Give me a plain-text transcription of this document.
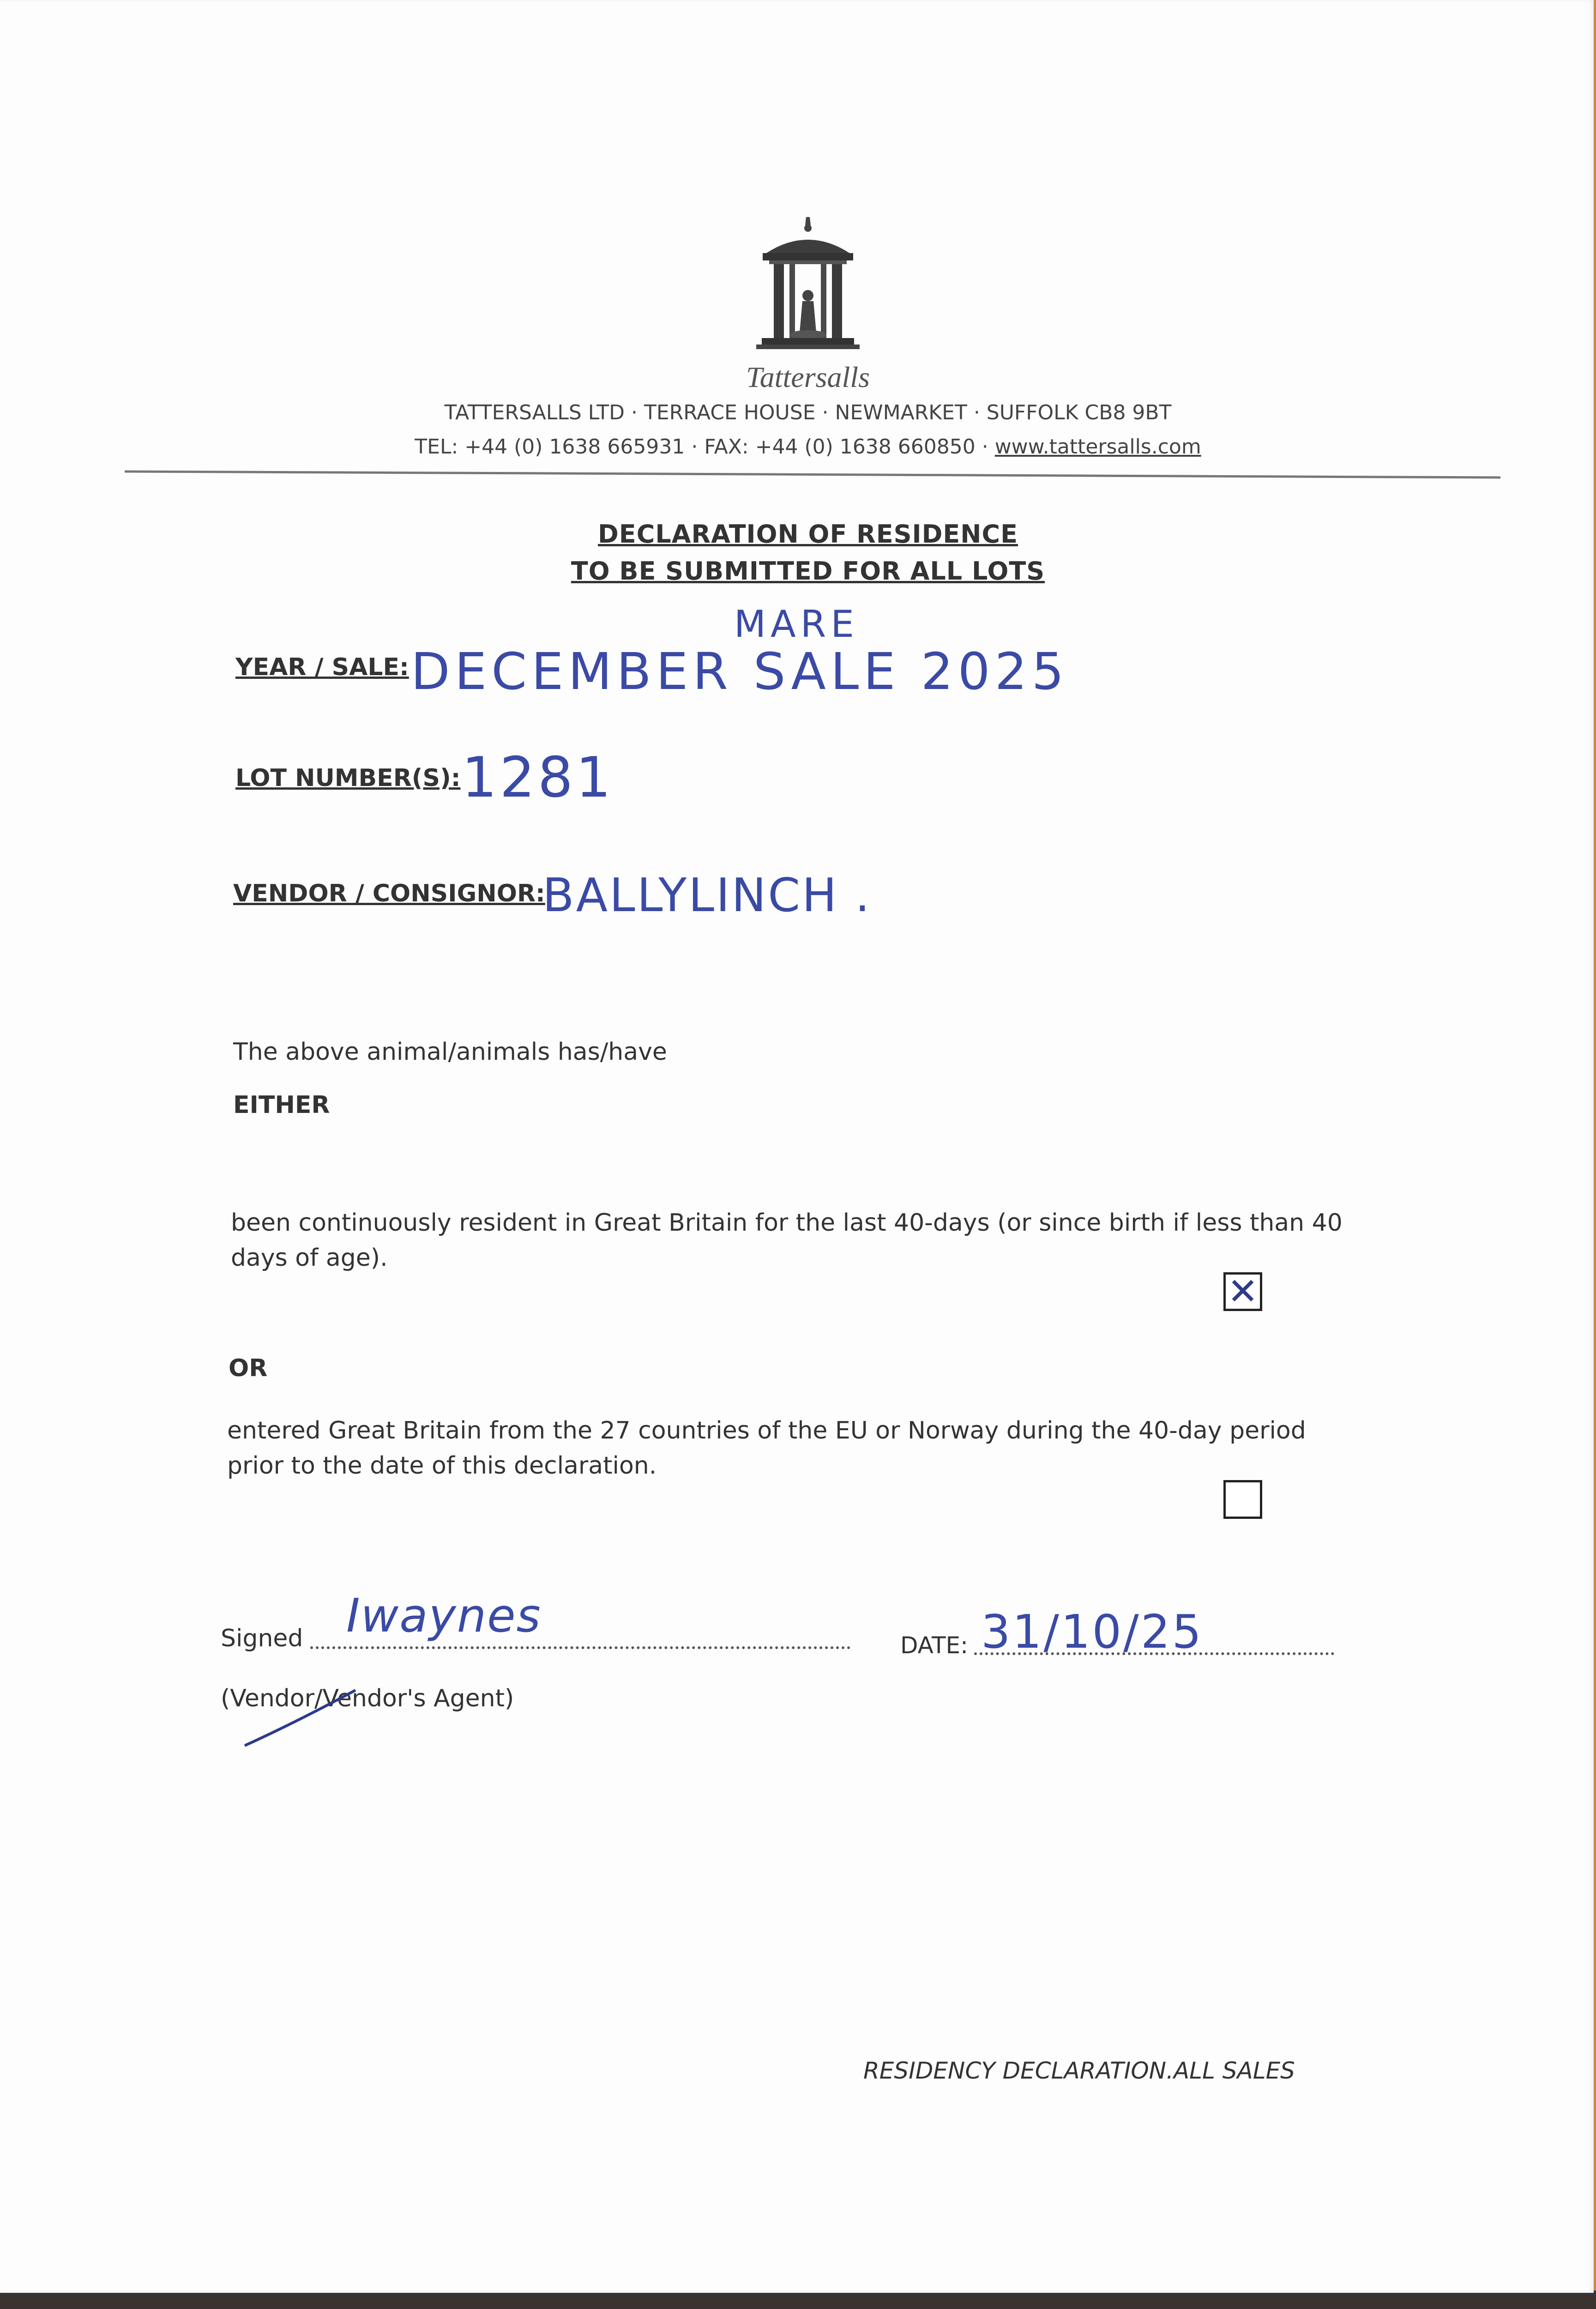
Tattersalls
TATTERSALLS LTD · TERRACE HOUSE · NEWMARKET · SUFFOLK CB8 9BT
TEL: +44 (0) 1638 665931 · FAX: +44 (0) 1638 660850 · www.tattersalls.com
DECLARATION OF RESIDENCE
TO BE SUBMITTED FOR ALL LOTS
MARE
YEAR / SALE: DECEMBER SALE 2025
LOT NUMBER(S): 1281
VENDOR / CONSIGNOR:
BALLYLINCH .
The above animal/animals has/have
EITHER
been continuously resident in Great Britain for the last 40-days (or since birth if less than 40 days of age).
✕
OR
entered Great Britain from the 27 countries of the EU or Norway during the 40-day period prior to the date of this declaration.
Signed Iwaynes
DATE: 31/10/25
(Vendor/Vendor's Agent)
RESIDENCY DECLARATION.ALL SALES
